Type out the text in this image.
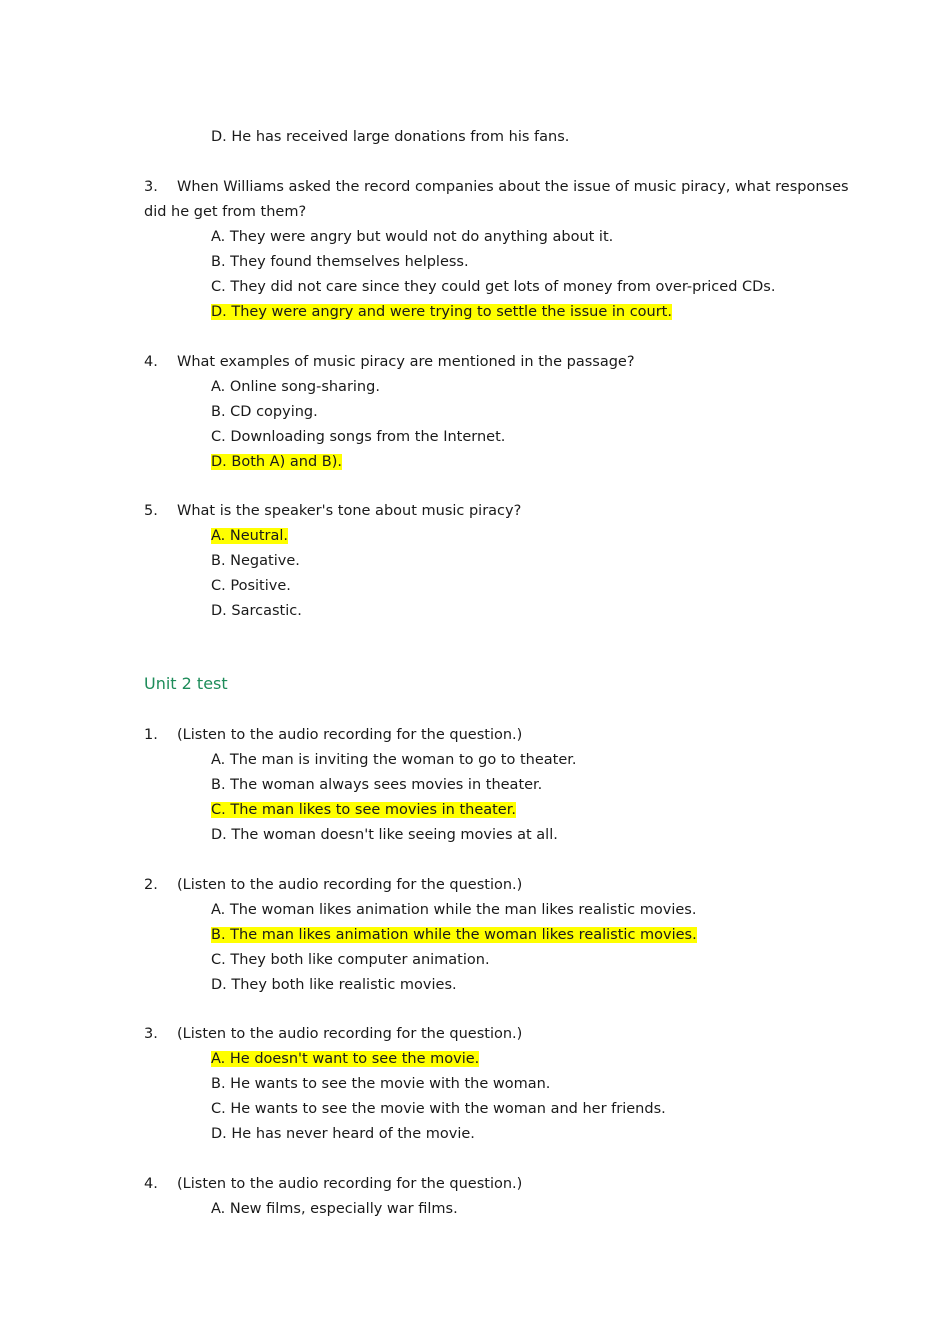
D. He has received large donations from his fans.
3. When Williams asked the record companies about the issue of music piracy, what responses
did he get from them?
A. They were angry but would not do anything about it.
B. They found themselves helpless.
C. They did not care since they could get lots of money from over-priced CDs.
D. They were angry and were trying to settle the issue in court.
4. What examples of music piracy are mentioned in the passage?
A. Online song-sharing.
B. CD copying.
C. Downloading songs from the Internet.
D. Both A) and B).
5. What is the speaker's tone about music piracy?
A. Neutral.
B. Negative.
C. Positive.
D. Sarcastic.
Unit 2 test
1. (Listen to the audio recording for the question.)
A. The man is inviting the woman to go to theater.
B. The woman always sees movies in theater.
C. The man likes to see movies in theater.
D. The woman doesn't like seeing movies at all.
2. (Listen to the audio recording for the question.)
A. The woman likes animation while the man likes realistic movies.
B. The man likes animation while the woman likes realistic movies.
C. They both like computer animation.
D. They both like realistic movies.
3. (Listen to the audio recording for the question.)
A. He doesn't want to see the movie.
B. He wants to see the movie with the woman.
C. He wants to see the movie with the woman and her friends.
D. He has never heard of the movie.
4. (Listen to the audio recording for the question.)
A. New films, especially war films.
